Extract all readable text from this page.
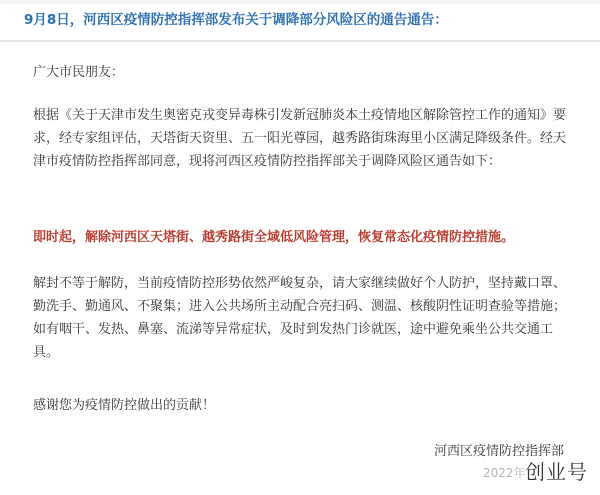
9月8日，河西区疫情防控指挥部发布关于调降部分风险区的通告通告：

广大市民朋友：

根据《关于天津市发生奥密克戎变异毒株引发新冠肺炎本土疫情地区解除管控工作的通知》要求，经专家组评估，天塔街天资里、五一阳光尊园，越秀路街珠海里小区满足降级条件。经天津市疫情防控指挥部同意，现将河西区疫情防控指挥部关于调降风险区通告如下：

即时起，解除河西区天塔街、越秀路街全域低风险管理，恢复常态化疫情防控措施。

解封不等于解防，当前疫情防控形势依然严峻复杂，请大家继续做好个人防护，坚持戴口罩、勤洗手、勤通风、不聚集；进入公共场所主动配合亮扫码、测温、核酸阴性证明查验等措施；如有咽干、发热、鼻塞、流涕等异常症状，及时到发热门诊就医，途中避免乘坐公共交通工具。

感谢您为疫情防控做出的贡献！

河西区疫情防控指挥部
2022年 创业号
